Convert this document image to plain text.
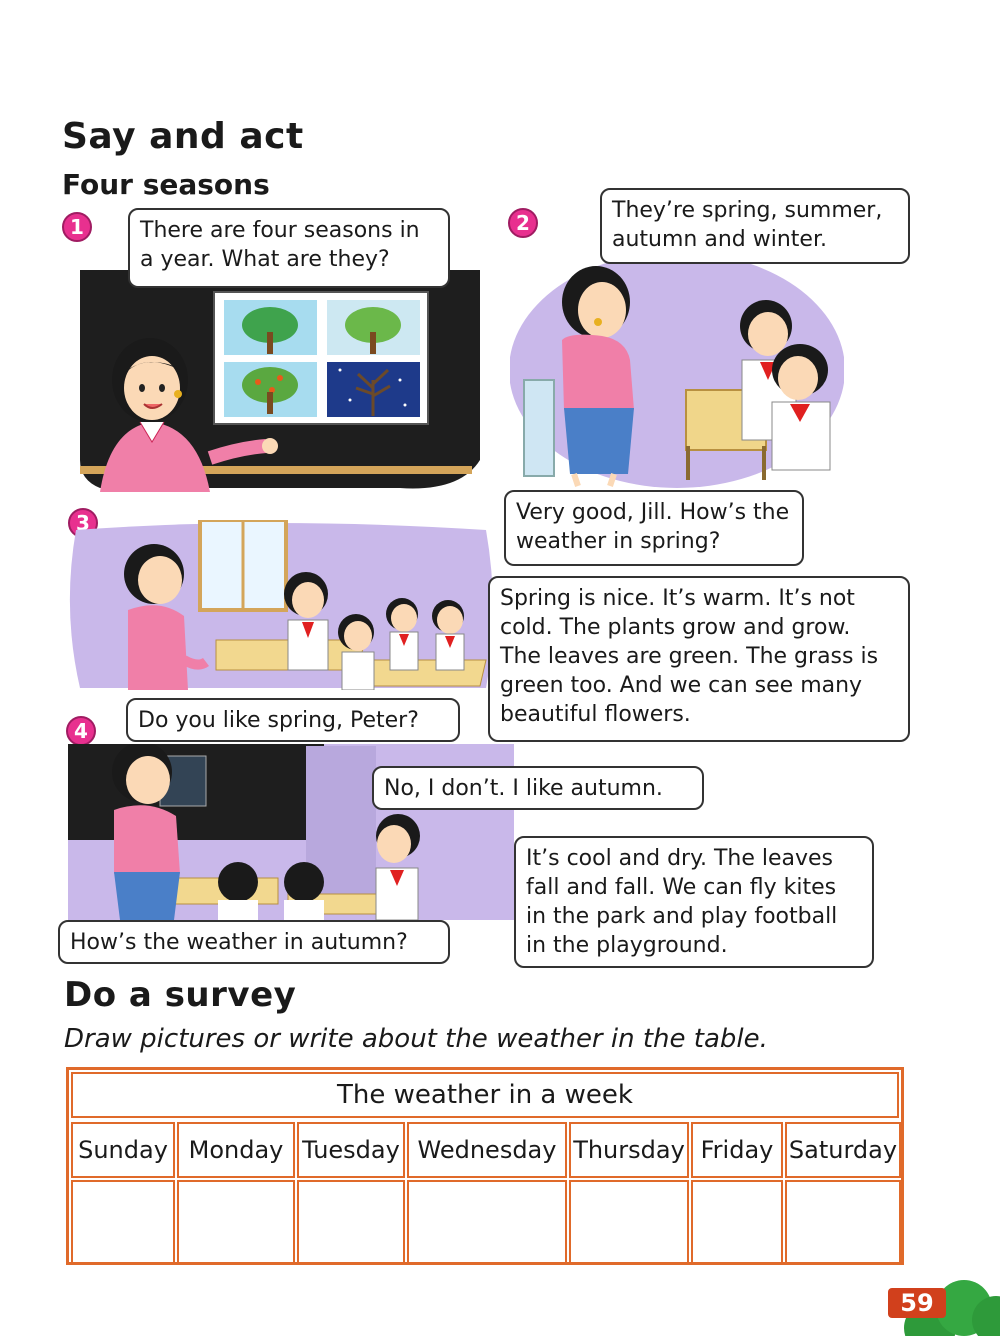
Say and act
Four seasons
1	There are four seasons in a year. What are they?
2	They’re spring, summer, autumn and winter.
Very good, Jill. How’s the weather in spring?
3
Spring is nice. It’s warm. It’s not cold. The plants grow and grow. The leaves are green. The grass is green too. And we can see many beautiful flowers.
4	Do you like spring, Peter?
No, I don’t. I like autumn.
It’s cool and dry. The leaves fall and fall. We can fly kites in the park and play football in the playground.
How’s the weather in autumn?
Do a survey
Draw pictures or write about the weather in the table.
The weather in a week
Sunday Monday Tuesday Wednesday Thursday Friday Saturday
59
